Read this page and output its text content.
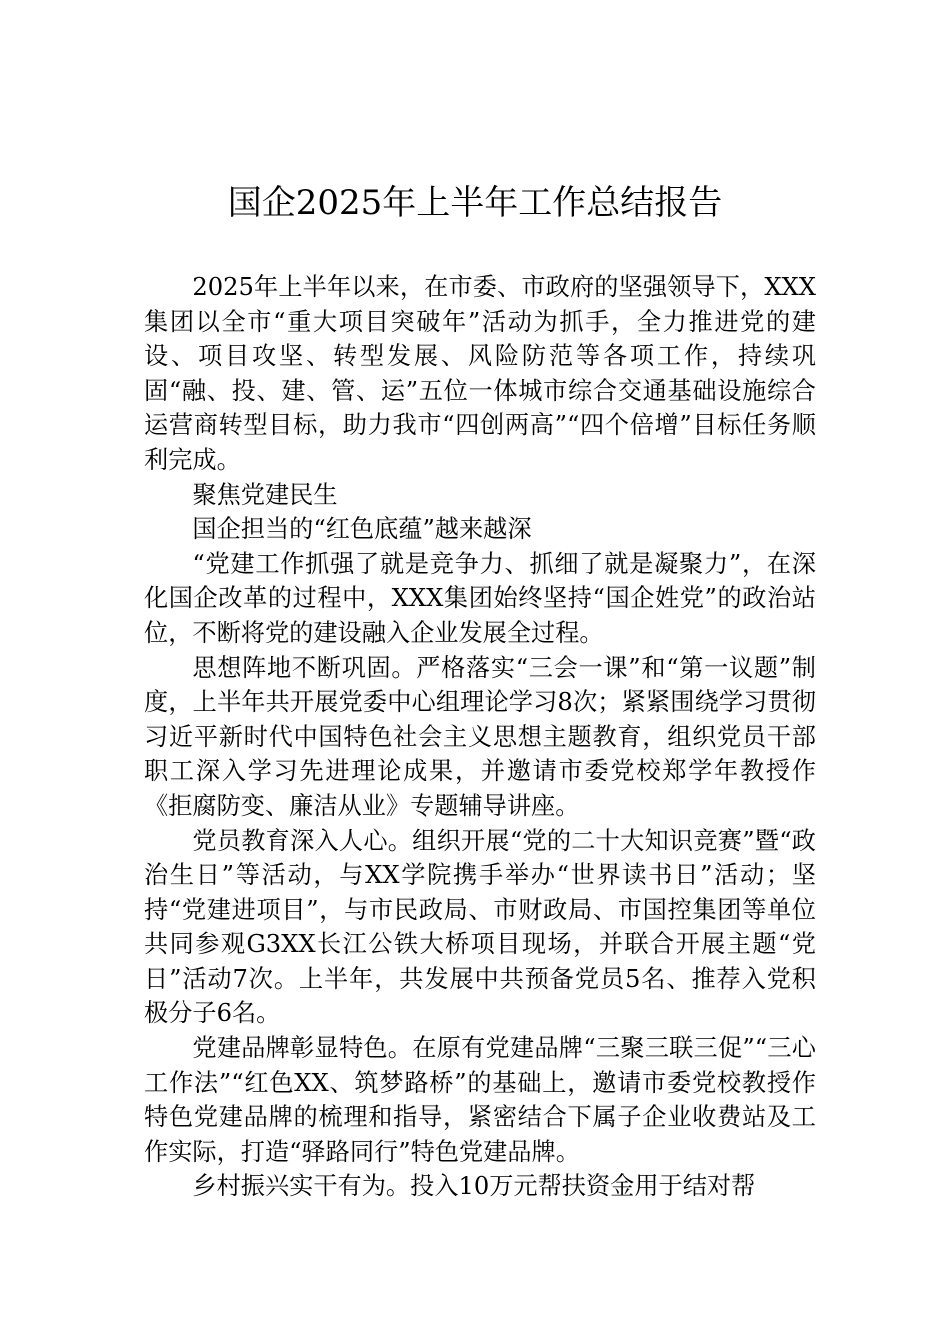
国企2025年上半年工作总结报告

2025年上半年以来，在市委、市政府的坚强领导下，XXX集团以全市“重大项目突破年”活动为抓手，全力推进党的建设、项目攻坚、转型发展、风险防范等各项工作，持续巩固“融、投、建、管、运”五位一体城市综合交通基础设施综合运营商转型目标，助力我市“四创两高”“四个倍增”目标任务顺利完成。

聚焦党建民生

国企担当的“红色底蕴”越来越深

“党建工作抓强了就是竞争力、抓细了就是凝聚力”，在深化国企改革的过程中，XXX集团始终坚持“国企姓党”的政治站位，不断将党的建设融入企业发展全过程。

思想阵地不断巩固。严格落实“三会一课”和“第一议题”制度，上半年共开展党委中心组理论学习8次；紧紧围绕学习贯彻习近平新时代中国特色社会主义思想主题教育，组织党员干部职工深入学习先进理论成果，并邀请市委党校郑学年教授作《拒腐防变、廉洁从业》专题辅导讲座。

党员教育深入人心。组织开展“党的二十大知识竞赛”暨“政治生日”等活动，与XX学院携手举办“世界读书日”活动；坚持“党建进项目”，与市民政局、市财政局、市国控集团等单位共同参观G3XX长江公铁大桥项目现场，并联合开展主题“党日”活动7次。上半年，共发展中共预备党员5名、推荐入党积极分子6名。

党建品牌彰显特色。在原有党建品牌“三聚三联三促”“三心工作法”“红色XX、筑梦路桥”的基础上，邀请市委党校教授作特色党建品牌的梳理和指导，紧密结合下属子企业收费站及工作实际，打造“驿路同行”特色党建品牌。

乡村振兴实干有为。投入10万元帮扶资金用于结对帮
